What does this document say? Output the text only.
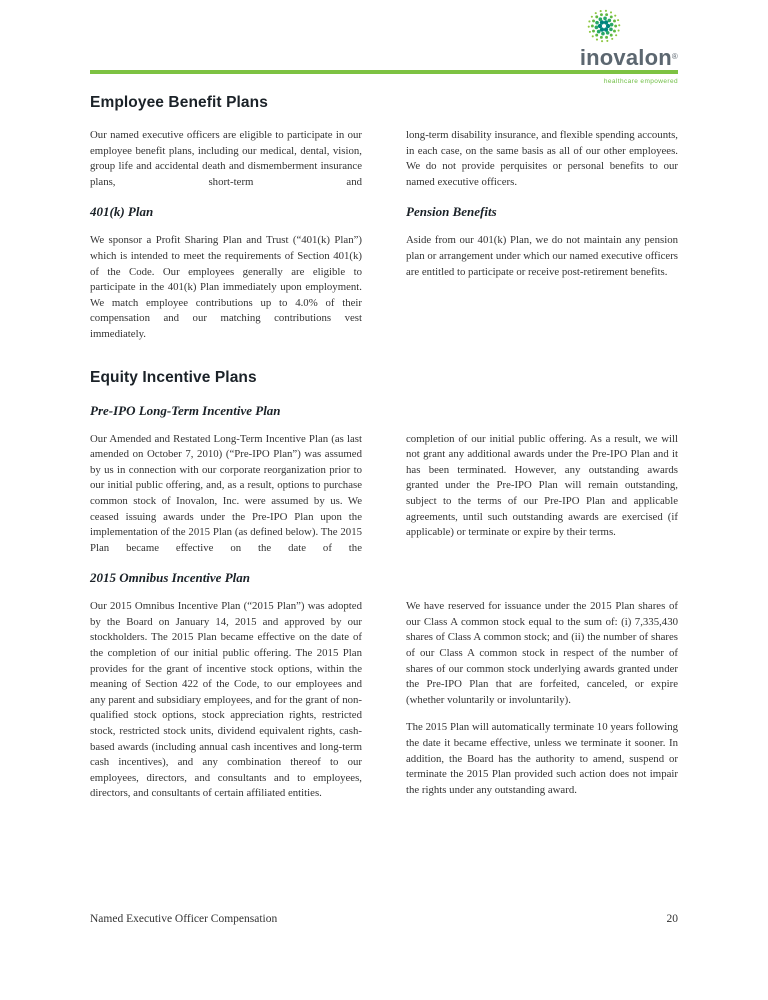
inovalon®
healthcare empowered
Employee Benefit Plans

Our named executive officers are eligible to participate in our employee benefit plans, including our medical, dental, vision, group life and accidental death and dismemberment insurance plans, short-term and

long-term disability insurance, and flexible spending accounts, in each case, on the same basis as all of our other employees. We do not provide perquisites or personal benefits to our named executive officers.

401(k) Plan

We sponsor a Profit Sharing Plan and Trust (“401(k) Plan”) which is intended to meet the requirements of Section 401(k) of the Code. Our employees generally are eligible to participate in the 401(k) Plan immediately upon employment. We match employee contributions up to 4.0% of their compensation and our matching contributions vest immediately.

Pension Benefits

Aside from our 401(k) Plan, we do not maintain any pension plan or arrangement under which our named executive officers are entitled to participate or receive post-retirement benefits.

Equity Incentive Plans
Pre-IPO Long-Term Incentive Plan

Our Amended and Restated Long-Term Incentive Plan (as last amended on October 7, 2010) (“Pre-IPO Plan”) was assumed by us in connection with our corporate reorganization prior to our initial public offering, and, as a result, options to purchase common stock of Inovalon, Inc. were assumed by us. We ceased issuing awards under the Pre-IPO Plan upon the implementation of the 2015 Plan (as defined below). The 2015 Plan became effective on the date of the

completion of our initial public offering. As a result, we will not grant any additional awards under the Pre-IPO Plan and it has been terminated. However, any outstanding awards granted under the Pre-IPO Plan will remain outstanding, subject to the terms of our Pre-IPO Plan and applicable agreements, until such outstanding awards are exercised (if applicable) or terminate or expire by their terms.

2015 Omnibus Incentive Plan

Our 2015 Omnibus Incentive Plan (“2015 Plan”) was adopted by the Board on January 14, 2015 and approved by our stockholders. The 2015 Plan became effective on the date of the completion of our initial public offering. The 2015 Plan provides for the grant of incentive stock options, within the meaning of Section 422 of the Code, to our employees and any parent and subsidiary employees, and for the grant of non-qualified stock options, stock appreciation rights, restricted stock, restricted stock units, dividend equivalent rights, cash-based awards (including annual cash incentives and long-term cash incentives), and any combination thereof to our employees, directors, and consultants and to employees, directors, and consultants of certain affiliated entities.

We have reserved for issuance under the 2015 Plan shares of our Class A common stock equal to the sum of: (i) 7,335,430 shares of Class A common stock; and (ii) the number of shares of our Class A common stock in respect of the number of shares of our common stock underlying awards granted under the Pre-IPO Plan that are forfeited, canceled, or expire (whether voluntarily or involuntarily).

The 2015 Plan will automatically terminate 10 years following the date it became effective, unless we terminate it sooner. In addition, the Board has the authority to amend, suspend or terminate the 2015 Plan provided such action does not impair the rights under any outstanding award.

Named Executive Officer Compensation	20
